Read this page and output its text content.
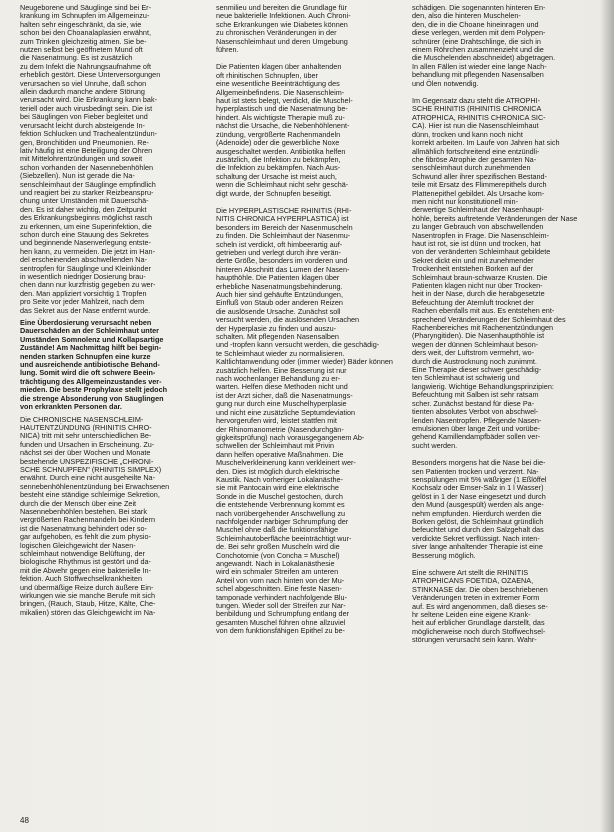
Neugeborene und Säuglinge sind bei Er-
krankung im Schnupfen im Allgemeinzu-
halten sehr eingeschränkt, da sie, wie
schon bei den Choanalaplasien erwähnt,
zum Trinken gleichzeitig atmen. Sie be-
nutzen selbst bei geöffnetem Mund oft
die Nasenatmung. Es ist zusätzlich
zu dem Infekt die Nahrungsaufnahme oft
erheblich gestört. Diese Unterversorgungen
verursachen so viel Unruhe, daß schon
allein dadurch manche andere Störung
verursacht wird. Die Erkrankung kann bak-
teriell oder auch virusbedingt sein. Die ist
bei Säuglingen von Fieber begleitet und
verursacht leicht durch absteigende In-
fektion Schlucken und Trachealentzündun-
gen, Bronchitiden und Pneumonien. Re-
lativ häufig ist eine Beteiligung der Ohren
mit Mittelohrentzündungen und soweit
schon vorhanden der Nasennebenhöhlen
(Siebzellen). Nun ist gerade die Na-
senschleimhaut der Säuglinge empfindlich
und reagiert bei zu starker Reizbeanspru-
chung unter Umständen mit Dauerschä-
den. Es ist daher wichtig, den Zeitpunkt
des Erkrankungsbeginns möglichst rasch
zu erkennen, um eine Superinfektion, die
schon durch eine Stauung des Sekretes
und beginnende Nasenverlegung entste-
hen kann, zu vermeiden. Die jetzt im Han-
del erscheinenden abschwellenden Na-
sentropfen für Säuglinge und Kleinkinder
in wesentlich niedriger Dosierung brau-
chen dann nur kurzfristig gegeben zu wer-
den. Man appliziert vorsichtig 1 Tropfen
pro Seite vor jeder Mahlzeit, nach dem
das Sekret aus der Nase entfernt wurde.

Eine Überdosierung verursacht neben
Dauerschäden an der Schleimhaut unter
Umständen Somnolenz und Kollapsartige
Zustände! Am Nachmittag hilft bei begin-
nenden starken Schnupfen eine kurze
und ausreichende antibiotische Behand-
lung. Somit wird die oft schwere Beein-
trächtigung des Allgemeinzustandes ver-
mieden. Die beste Prophylaxe stellt jedoch
die strenge Absonderung von Säuglingen
von erkrankten Personen dar.

Die CHRONISCHE NASENSCHLEIM-
HAUTENTZÜNDUNG (RHINITIS CHRO-
NICA) tritt mit sehr unterschiedlichen Be-
funden und Ursachen in Erscheinung. Zu-
nächst sei der über Wochen und Monate
bestehende UNSPEZIFISCHE „CHRONI-
SCHE SCHNUPFEN" (RHINITIS SIMPLEX)
erwähnt. Durch eine nicht ausgeheilte Na-
sennebenhöhlenentzündung bei Erwachsenen
besteht eine ständige schleimige Sekretion,
durch die der Mensch über eine Zeit
Nasennebenhöhlen bestehen. Bei stark
vergrößerten Rachenmandeln bei Kindern
ist die Nasenatmung behindert oder so-
gar aufgehoben, es fehlt die zum physio-
logischen Gleichgewicht der Nasen-
schleimhaut notwendige Belüftung, der
biologische Rhythmus ist gestört und da-
mit die Abwehr gegen eine bakterielle In-
fektion. Auch Stoffwechselkrankheiten
und übermäßige Reize durch äußere Ein-
wirkungen wie sie manche Berufe mit sich
bringen, (Rauch, Staub, Hitze, Kälte, Che-
mikalien) stören das Gleichgewicht im Na-

senmilieu und bereiten die Grundlage für
neue bakterielle Infektionen. Auch Chroni-
sche Erkrankungen wie Diabetes können
zu chronischen Veränderungen in der
Nasenschleimhaut und deren Umgebung
führen.

Die Patienten klagen über anhaltenden
oft rhinitischen Schnupfen, über
eine wesentliche Beeinträchtigung des
Allgemeinbefindens. Die Nasenschleim-
haut ist stets belegt, verdickt, die Muschel-
hyperplastisch und die Nasenatmung be-
hindert. Als wichtigste Therapie muß zu-
nächst die Ursache, die Nebenhöhlenent-
zündung, vergrößerte Rachenmandeln
(Adenoide) oder die gewerbliche Noxe
ausgeschaltet werden. Antibiotika helfen
zusätzlich, die Infektion zu bekämpfen,
die Infektion zu bekämpfen. Nach Aus-
schaltung der Ursache ist meist auch,
wenn die Schleimhaut nicht sehr geschä-
digt wurde, der Schnupfen beseitigt.

Die HYPERPLASTISCHE RHINITIS (RHI-
NITIS CHRONICA HYPERPLASTICA) ist
besonders im Bereich der Nasenmuscheln
zu finden. Die Schleimhaut der Nasenmu-
scheln ist verdickt, oft himbeerartig auf-
getrieben und verlegt durch ihre verän-
derte Größe, besonders im vorderen und
hinteren Abschnitt das Lumen der Nasen-
haupthöhle. Die Patienten klagen über
erhebliche Nasenatmungsbehinderung.
Auch hier sind gehäufte Entzündungen,
Einfluß von Staub oder anderen Reizen
die auslösende Ursache. Zunächst soll
versucht werden, die auslösenden Ursachen
der Hyperplasie zu finden und auszu-
schalten. Mit pflegenden Nasensalben
und -tropfen kann versucht werden, die geschädig-
te Schleimhaut wieder zu normalisieren.
Kaltlichtanwendung oder (immer wieder) Bäder können
zusätzlich helfen. Eine Besserung ist nur
nach wochenlanger Behandlung zu er-
warten. Helfen diese Methoden nicht und
ist der Arzt sicher, daß die Nasenatmungs-
gung nur durch eine Muschelhyperplasie
und nicht eine zusätzliche Septumdeviation
hervorgerufen wird, leistet stattfen mit
der Rhinomanometrie (Nasendurchgän-
gigkeitsprüfung) nach vorausgegangenem Ab-
schwellen der Schleimhaut mit Privin
dann helfen operative Maßnahmen. Die
Muschelverkleinerung kann verkleinert wer-
den. Dies ist möglich durch elektrische
Kaustik. Nach vorheriger Lokalanästhe-
sie mit Pantocain wird eine elektrische
Sonde in die Muschel gestochen, durch
die entstehende Verbrennung kommt es
nach vorübergehender Anschwellung zu
nachfolgender narbiger Schrumpfung der
Muschel ohne daß die funktionsfähige
Schleimhautoberfläche beeinträchtigt wur-
de. Bei sehr großen Muscheln wird die
Conchotomie (von Concha = Muschel)
angewandt. Nach in Lokalanästhesie
wird ein schmaler Streifen am unteren
Anteil von vorn nach hinten von der Mu-
schel abgeschnitten. Eine feste Nasen-
tamponade verhindert nachfolgende Blu-
tungen. Wieder soll der Streifen zur Nar-
benbildung und Schrumpfung entlang der
gesamten Muschel führen ohne allzuviel
von dem funktionsfähigen Epithel zu be-

schädigen. Die sogenannten hinteren En-
den, also die hinteren Muschelen-
den, die in die Choane hineinragen und
diese verlegen, werden mit dem Polypen-
schnürer (eine Drahtschlinge, die sich in
einem Röhrchen zusammenzieht und die
die Muschelenden abschneidet) abgetragen.
In allen Fällen ist wieder eine lange Nach-
behandlung mit pflegenden Nasensalben
und Ölen notwendig.

Im Gegensatz dazu steht die ATROPHI-
SCHE RHINITIS (RHINITIS CHRONICA
ATROPHICA, RHINITIS CHRONICA SIC-
CA). Hier ist nun die Nasenschleimhaut
dünn, trocken und kann noch nicht
korrekt arbeiten. Im Laufe von Jahren hat sich
allmählich fortschreitend eine entzündli-
che fibröse Atrophie der gesamten Na-
senschleimhaut durch zunehmenden
Schwund aller ihrer spezifischen Bestand-
teile mit Ersatz des Flimmerepithels durch
Plattenepithel gebildet. Als Ursache kom-
men nicht nur konstitutionell min-
derwertige Schleimhaut der Nasenhaupt-
höhle, bereits auftretende Veränderungen der Nase
zu langer Gebrauch von abschwellenden
Nasentropfen in Frage. Die Nasenschleim-
haut ist rot, sie ist dünn und trocken, hat
von der veränderten Schleimhaut gebildete
Sekret dickt ein und mit zunehmender
Trockenheit entstehen Borken auf der
Schleimhaut braun-schwarze Krusten. Die
Patienten klagen nicht nur über Trocken-
heit in der Nase, durch die herabgesetzte
Befeuchtung der Atemluft trocknet der
Rachen ebenfalls mit aus. Es entstehen ent-
sprechend Veränderungen der Schleimhaut des
Rachenbereiches mit Rachenentzündungen
(Pharyngitiden). Die Nasenhaupthöhle ist
wegen der dünnen Schleimhaut beson-
ders weit, der Luftstrom vermehrt, wo-
durch die Austrocknung noch zunimmt.
Eine Therapie dieser schwer geschädig-
ten Schleimhaut ist schwierig und
langwierig. Wichtige Behandlungsprinzipien:
Befeuchtung mit Salben ist sehr ratsam
scher. Zunächst bestand für diese Pa-
tienten absolutes Verbot von abschwel-
lenden Nasentropfen. Pflegende Nasen-
emulsionen über lange Zeit und vorübe-
gehend Kamillendampfbäder sollen ver-
sucht werden.

Besonders morgens hat die Nase bei die-
sen Patienten trocken und verzerrt. Na-
senspülungen mit 5% wäßriger (1 Eßlöffel
Kochsalz oder Emser-Salz in 1 l Wasser)
gelöst in 1 der Nase eingesetzt und durch
den Mund (ausgespült) werden als ange-
nehm empfunden. Hierdurch werden die
Borken gelöst, die Schleimhaut gründlich
befeuchtet und durch den Salzgehalt das
verdickte Sekret verflüssigt. Nach inten-
siver lange anhaltender Therapie ist eine
Besserung möglich.

Eine schwere Art stellt die RHINITIS
ATROPHICANS FOETIDA, OZAENA,
STINKNASE dar. Die oben beschriebenen
Veränderungen treten in extremer Form
auf. Es wird angenommen, daß dieses se-
hr seltene Leiden eine eigene Krank-
heit auf erblicher Grundlage darstellt, das
möglicherweise noch durch Stoffwechsel-
störungen verursacht sein kann. Wahr-

48
